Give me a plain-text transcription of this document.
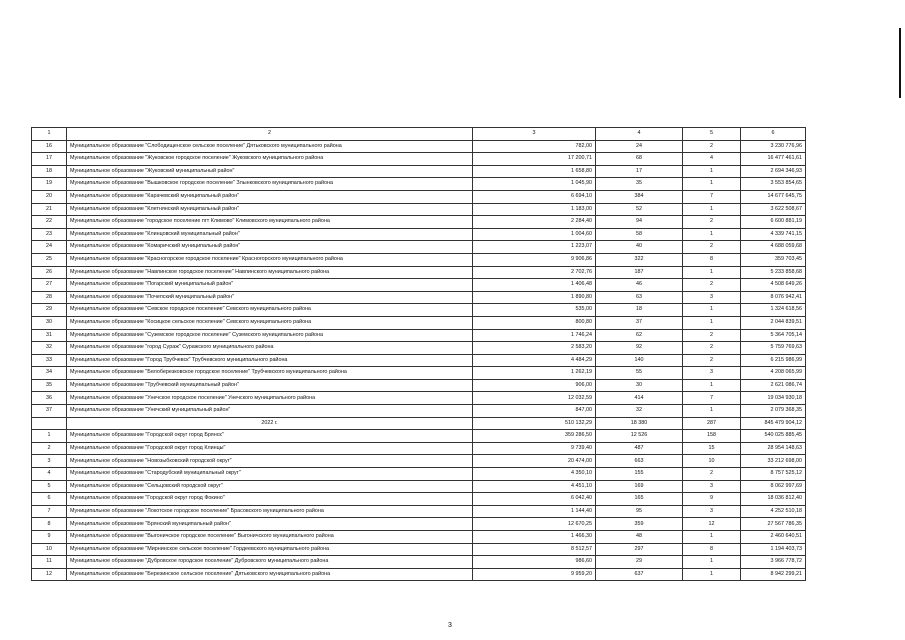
1	2	3	4	5	6
16	Муниципальное образование "Слободищенское сельское поселение" Дятьковского муниципального района	782,00	24	2	3 230 776,96
17	Муниципальное образование "Жуковское городское поселение" Жуковского муниципального района	17 200,71	68	4	16 477 461,61
18	Муниципальное образование "Жуковский муниципальный район"	1 658,80	17	1	2 694 346,93
19	Муниципальное образование "Вышковское городское поселение" Злынковского муниципального района	1 045,90	35	1	3 553 854,65
20	Муниципальное образование "Карачевский муниципальный район"	6 694,10	384	7	14 677 645,75
21	Муниципальное образование "Клетнянский муниципальный район"	1 183,00	52	1	3 622 508,67
22	Муниципальное образование "городское поселение пгт Климово" Климовского муниципального района	2 284,40	94	2	6 600 881,19
23	Муниципальное образование "Клинцовский муниципальный район"	1 004,60	58	1	4 339 741,15
24	Муниципальное образование "Комаричский муниципальный район"	1 223,07	40	2	4 688 059,68
25	Муниципальное образование "Красногорское городское поселение" Красногорского муниципального района	9 906,86	322	8	359 703,45
26	Муниципальное образование "Навлинское городское поселение" Навлинского муниципального района	2 702,76	187	1	5 233 858,68
27	Муниципальное образование "Погарский муниципальный район"	1 406,48	46	2	4 508 649,26
28	Муниципальное образование "Почепский муниципальный район"	1 890,80	63	3	8 076 942,41
29	Муниципальное образование "Севское городское поселение" Севского муниципального района	535,00	18	1	1 324 618,56
30	Муниципальное образование "Косицкое сельское поселение" Севского муниципального района	800,80	37	1	2 044 839,51
31	Муниципальное образование "Суземское городское поселение" Суземского муниципального района	1 746,24	62	2	5 364 705,14
32	Муниципальное образование "город Сураж" Суражского муниципального района	2 583,20	92	2	5 759 769,63
33	Муниципальное образование "Город Трубчевск" Трубчевского муниципального района	4 484,29	140	2	6 215 986,99
34	Муниципальное образование "Белоберезковское городское поселение" Трубчевского муниципального района	1 262,19	55	3	4 208 065,99
35	Муниципальное образование "Трубчевский муниципальный район"	906,00	30	1	2 621 086,74
36	Муниципальное образование "Унечское городское поселение" Унечского муниципального района	12 032,59	414	7	19 034 930,18
37	Муниципальное образование "Унечский муниципальный район"	847,00	32	1	2 079 368,35
	2022 г.	510 132,29	18 380	287	845 479 904,12
1	Муниципальное образование "Городской округ город Брянск"	359 286,50	12 526	158	540 025 885,45
2	Муниципальное образование "Городской округ город Клинцы"	9 739,40	487	15	28 954 148,63
3	Муниципальное образование "Новозыбковский городской округ"	20 474,00	663	10	33 212 698,00
4	Муниципальное образование "Стародубский муниципальный округ"	4 350,10	155	2	8 757 525,12
5	Муниципальное образование "Сельцовский городской округ"	4 451,10	169	3	8 062 997,69
6	Муниципальное образование "Городской округ город Фокино"	6 042,40	165	9	18 036 812,40
7	Муниципальное образование "Локотское городское поселение" Брасовского муниципального района	1 144,40	95	3	4 252 510,18
8	Муниципальное образование "Брянский муниципальный район"	12 670,25	359	12	27 567 786,35
9	Муниципальное образование "Выгоничское городское поселение" Выгоничского муниципального района	1 466,30	48	1	2 460 640,51
10	Муниципальное образование "Мирнинское сельское поселение" Гордеевского муниципального района	8 512,57	297	8	1 194 403,73
11	Муниципальное образование "Дубровское городское поселение" Дубровского муниципального района	986,60	29	1	3 966 778,72
12	Муниципальное образование "Березинское сельское поселение" Дятьковского муниципального района	9 959,20	637	1	8 942 299,21
3
